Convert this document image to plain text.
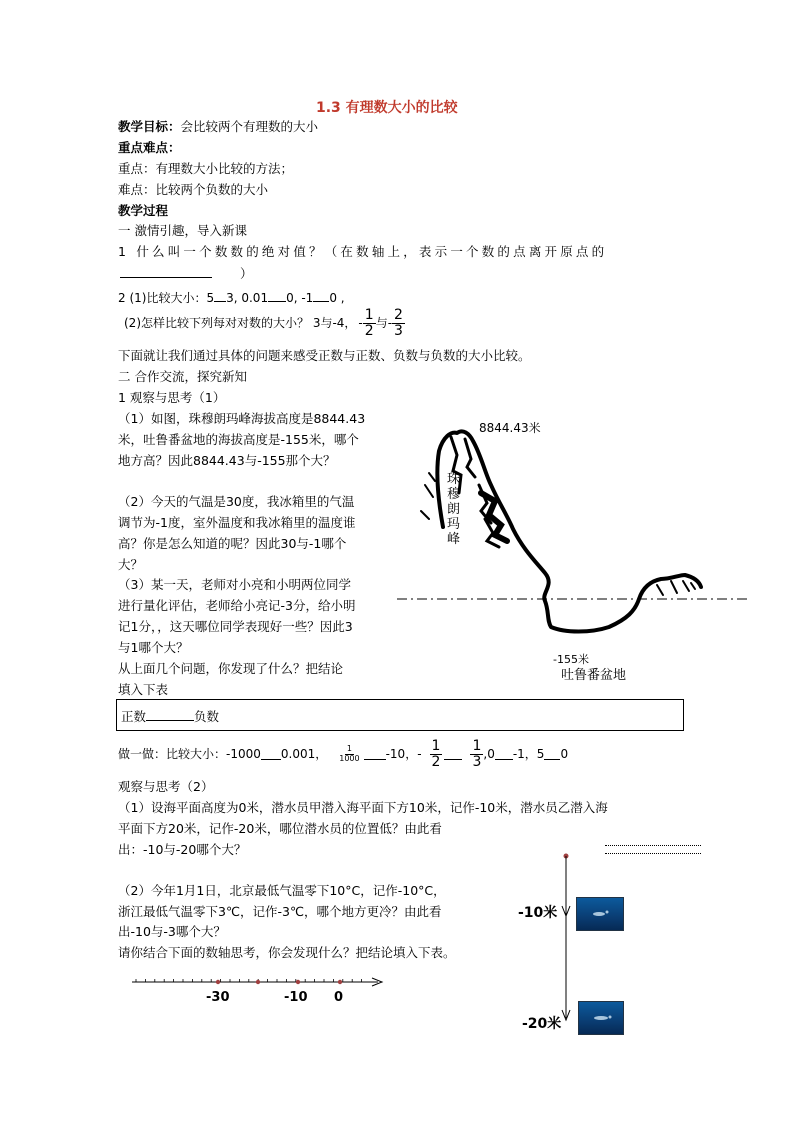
1.3 有理数大小的比较
教学目标：会比较两个有理数的大小
重点难点：
重点：有理数大小比较的方法；
难点：比较两个负数的大小
教学过程
一 激情引趣，导入新课
1 什么叫一个数数的绝对值？（在数轴上，表示一个数的点离开原点的
）
2 (1)比较大小：5 3, 0.01 0, -1 0 ,
(2)怎样比较下列每对对数的大小？ 3与-4， - $\frac{1}{2}$ 与 - $\frac{2}{3}$
下面就让我们通过具体的问题来感受正数与正数、负数与负数的大小比较。
二 合作交流，探究新知
1 观察与思考（1）
（1）如图，珠穆朗玛峰海拔高度是8844.43
米，吐鲁番盆地的海拔高度是-155米，哪个
地方高？因此8844.43与-155那个大？
（2）今天的气温是30度，我冰箱里的气温
调节为-1度，室外温度和我冰箱里的温度谁
高？你是怎么知道的呢？因此30与-1哪个
大？
（3）某一天，老师对小亮和小明两位同学
进行量化评估，老师给小亮记-3分，给小明
记1分，，这天哪位同学表现好一些？因此3
与1哪个大？
从上面几个问题，你发现了什么？把结论
填入下表
8844.43米
-155米
吐鲁番盆地
珠穆朗玛峰
正数	负数
做一做：比较大小：-1000 0.001， $\frac{1}{1000} -10$，- $\frac{1}{2} \frac{1}{3} ,0$ -1，5 0
观察与思考（2）
（1）设海平面高度为0米，潜水员甲潜入海平面下方10米，记作-10米，潜水员乙潜入海
平面下方20米，记作-20米，哪位潜水员的位置低？由此看
出：-10与-20哪个大？
（2）今年1月1日，北京最低气温零下10°C，记作-10°C，
浙江最低气温零下3℃，记作-3℃，哪个地方更冷？由此看
出-10与-3哪个大？
请你结合下面的数轴思考，你会发现什么？把结论填入下表。
-30	-10 0
-10米
-20米
